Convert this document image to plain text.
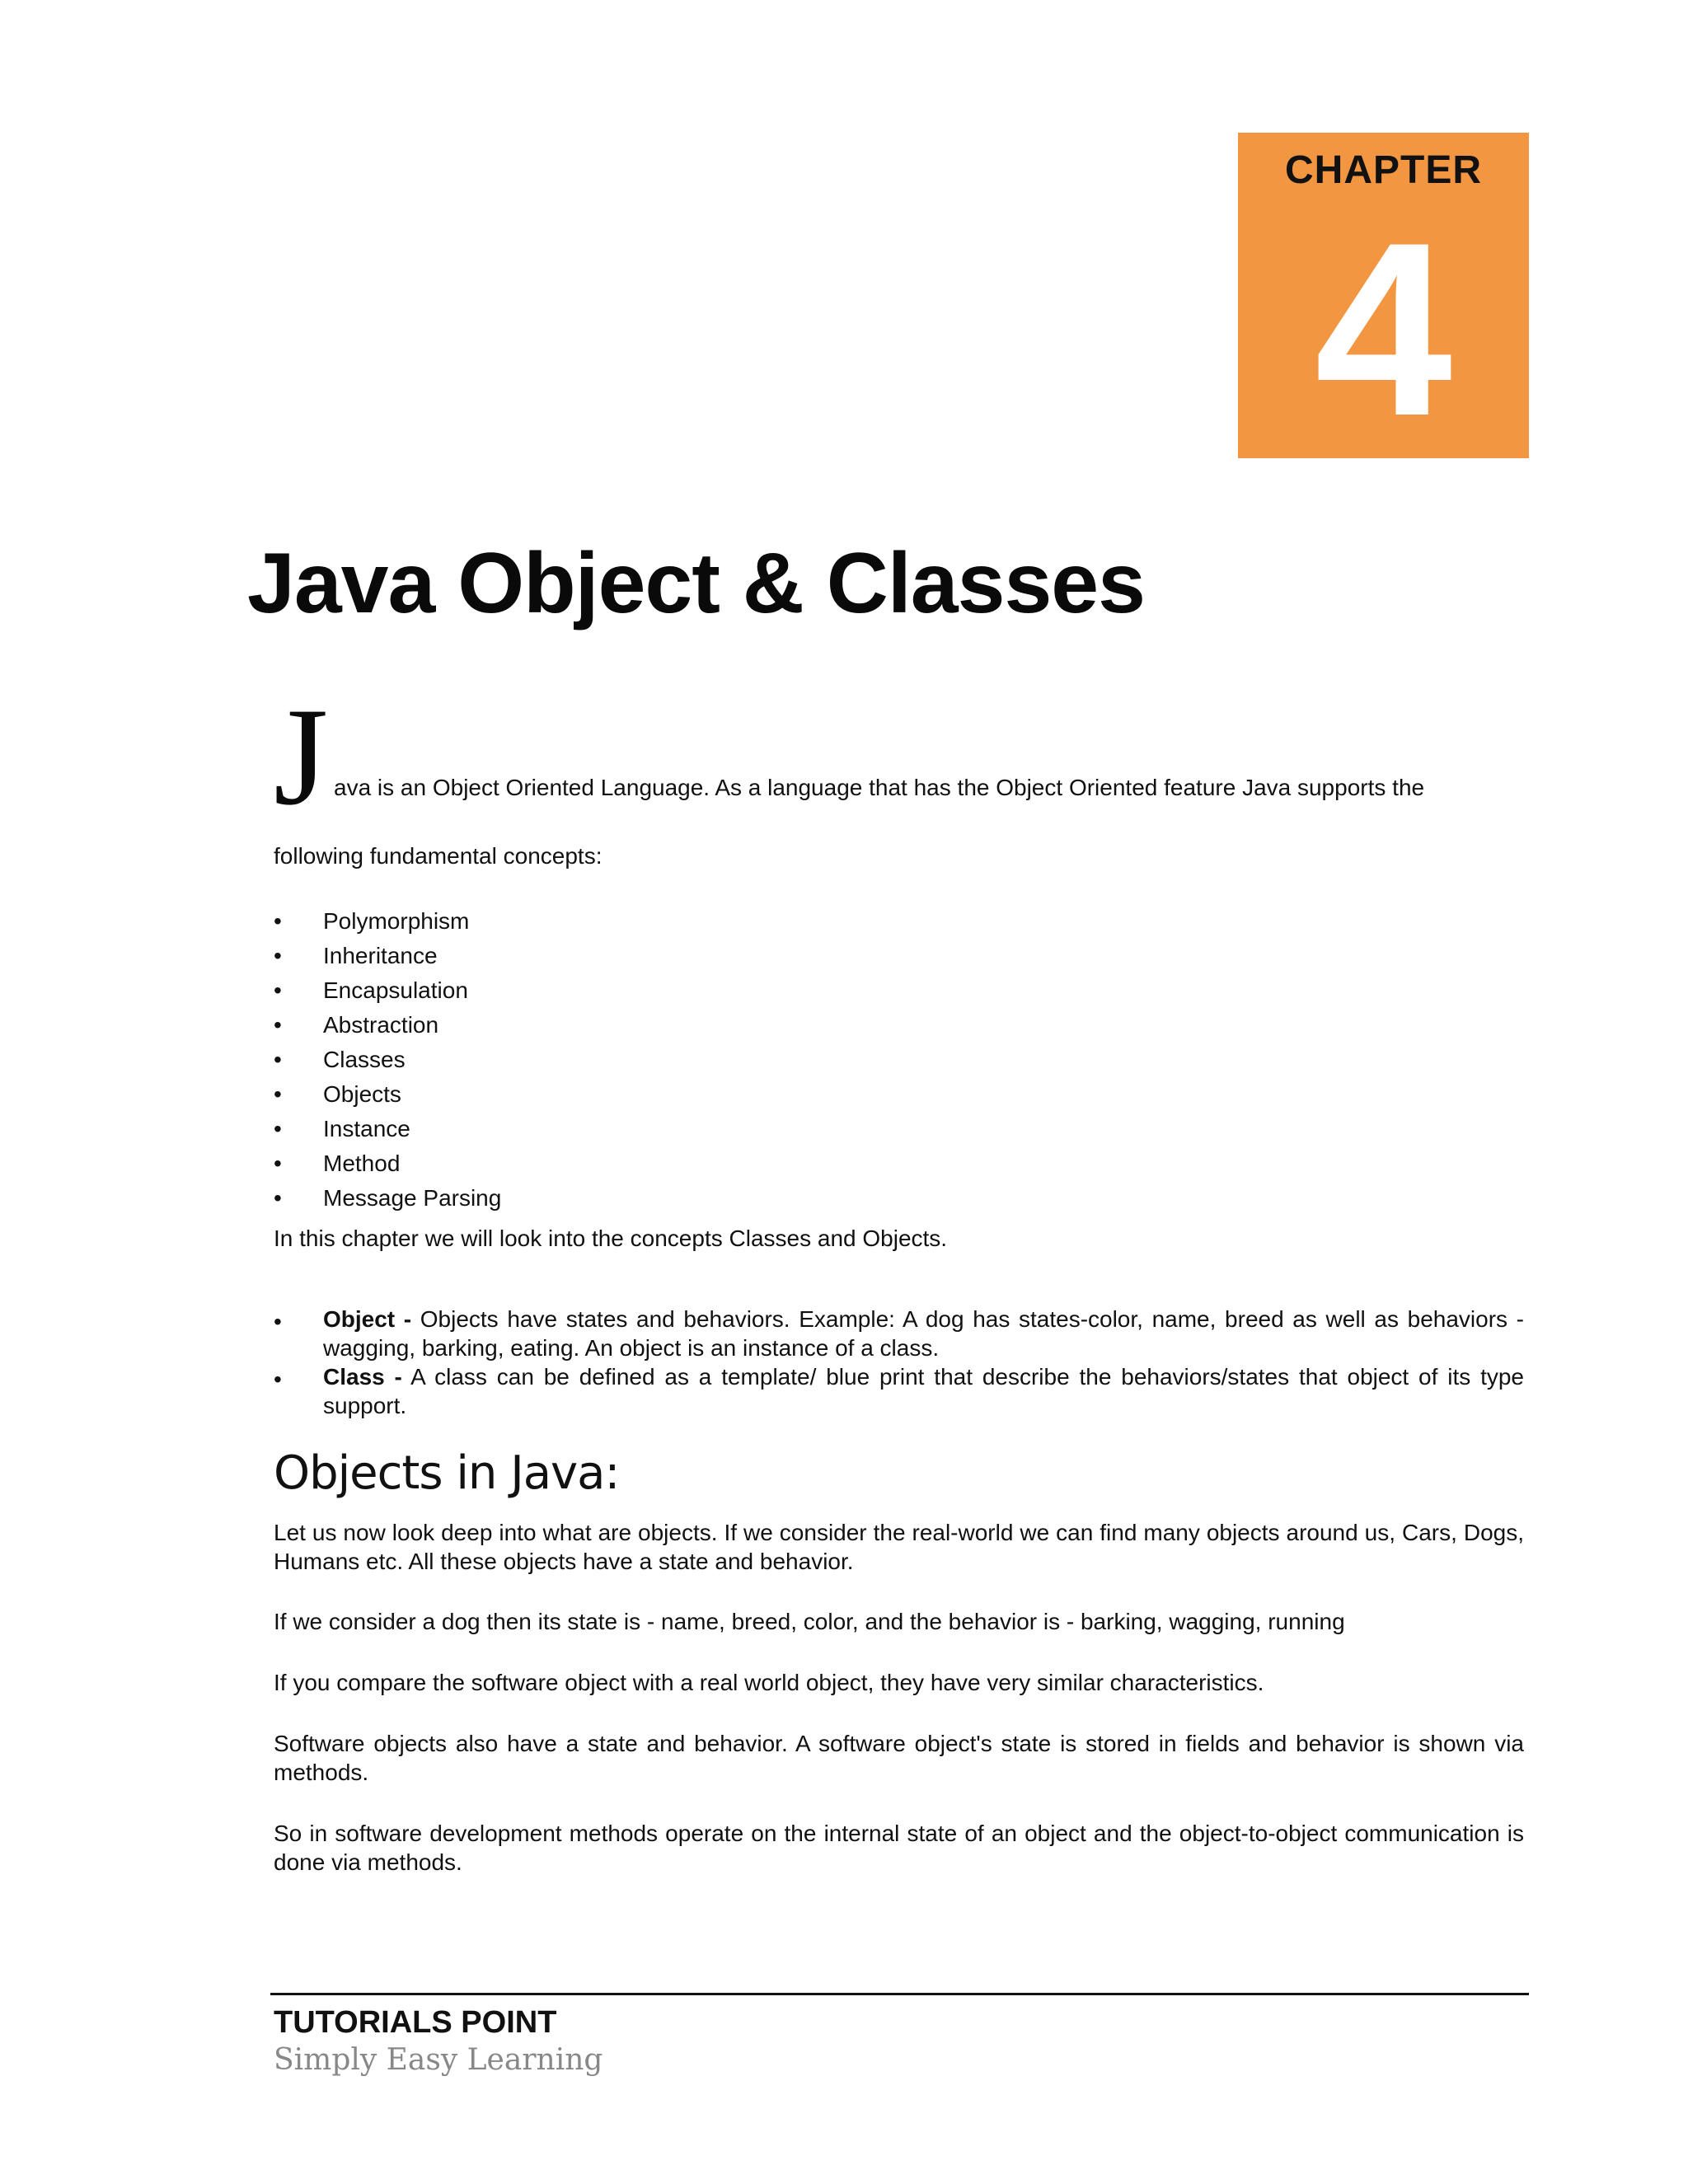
CHAPTER
4
Java Object & Classes
J ava is an Object Oriented Language. As a language that has the Object Oriented feature Java supports the
following fundamental concepts:
• Polymorphism
• Inheritance
• Encapsulation
• Abstraction
• Classes
• Objects
• Instance
• Method
• Message Parsing

In this chapter we will look into the concepts Classes and Objects.

• Object - Objects have states and behaviors. Example: A dog has states-color, name, breed as well as behaviors -wagging, barking, eating. An object is an instance of a class.
• Class - A class can be defined as a template/ blue print that describe the behaviors/states that object of its type support.
Objects in Java:

Let us now look deep into what are objects. If we consider the real-world we can find many objects around us, Cars, Dogs, Humans etc. All these objects have a state and behavior.

If we consider a dog then its state is - name, breed, color, and the behavior is - barking, wagging, running

If you compare the software object with a real world object, they have very similar characteristics.

Software objects also have a state and behavior. A software object's state is stored in fields and behavior is shown via methods.

So in software development methods operate on the internal state of an object and the object-to-object communication is done via methods.

TUTORIALS POINT
Simply Easy Learning
